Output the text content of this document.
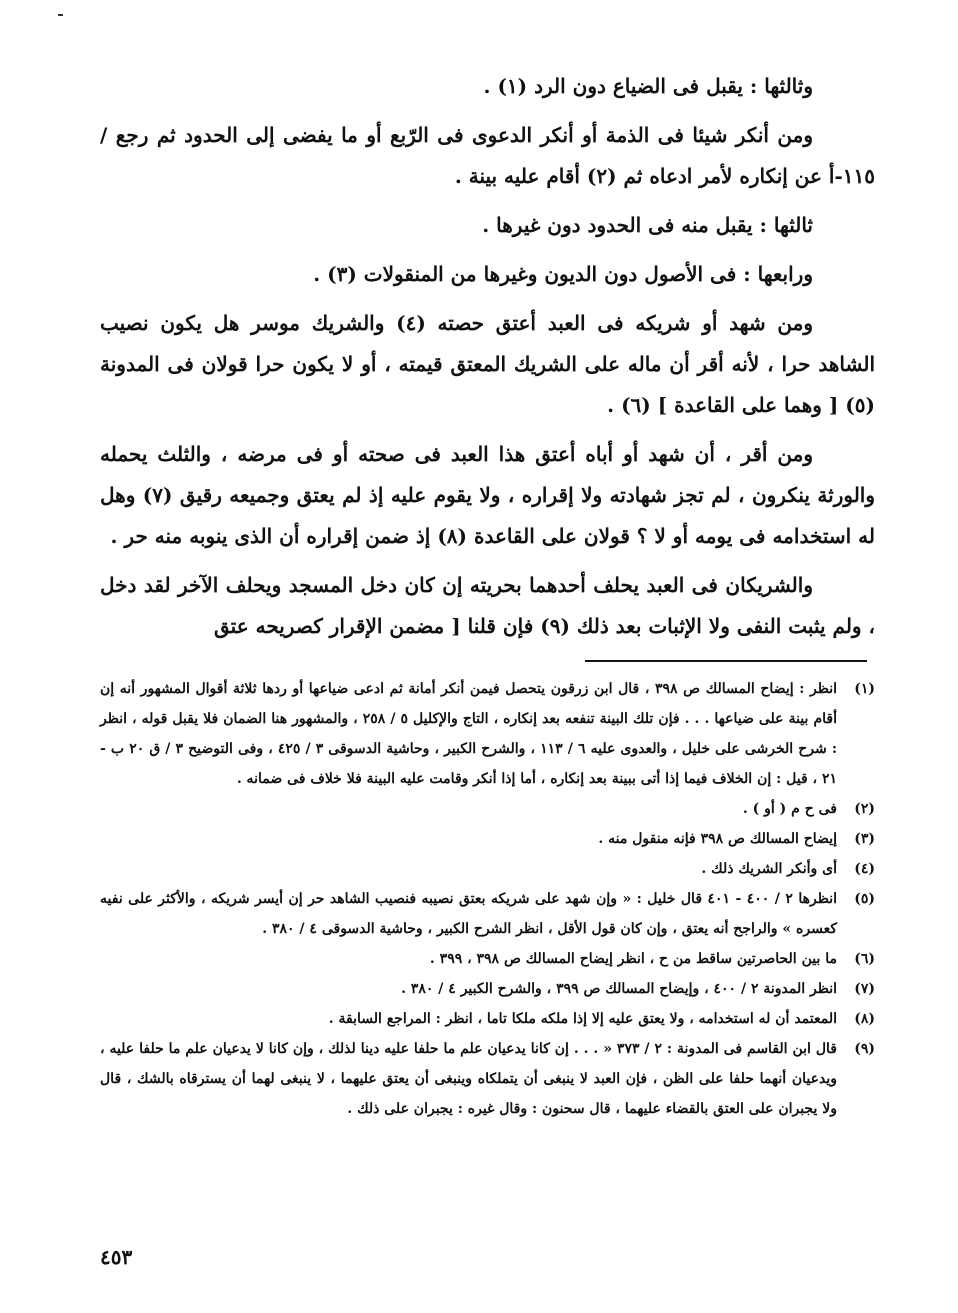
وثالثها : يقبل فى الضياع دون الرد (١) .

ومن أنكر شيئا فى الذمة أو أنكر الدعوى فى الرّبع أو ما يفضى إلى الحدود ثم رجع /١١٥-أ عن إنكاره لأمر ادعاه ثم (٢) أقام عليه بينة .

ثالثها : يقبل منه فى الحدود دون غيرها .

ورابعها : فى الأصول دون الديون وغيرها من المنقولات (٣) .

ومن شهد أو شريكه فى العبد أعتق حصته (٤) والشريك موسر هل يكون نصيب الشاهد حرا ، لأنه أقر أن ماله على الشريك المعتق قيمته ، أو لا يكون حرا قولان فى المدونة (٥) [ وهما على القاعدة ] (٦) .

ومن أقر ، أن شهد أو أباه أعتق هذا العبد فى صحته أو فى مرضه ، والثلث يحمله والورثة ينكرون ، لم تجز شهادته ولا إقراره ، ولا يقوم عليه إذ لم يعتق وجميعه رقيق (٧) وهل له استخدامه فى يومه أو لا ؟ قولان على القاعدة (٨) إذ ضمن إقراره أن الذى ينوبه منه حر .

والشريكان فى العبد يحلف أحدهما بحريته إن كان دخل المسجد ويحلف الآخر لقد دخل ، ولم يثبت النفى ولا الإثبات بعد ذلك (٩) فإن قلنا [ مضمن الإقرار كصريحه عتق

(١)
انظر : إيضاح المسالك ص ٣٩٨ ، قال ابن زرقون يتحصل فيمن أنكر أمانة ثم ادعى ضياعها أو ردها ثلاثة أقوال المشهور أنه إن أقام بينة على ضياعها . . . فإن تلك البينة تنفعه بعد إنكاره ، التاج والإكليل ٥ / ٢٥٨ ، والمشهور هنا الضمان فلا يقبل قوله ، انظر : شرح الخرشى على خليل ، والعدوى عليه ٦ / ١١٣ ، والشرح الكبير ، وحاشية الدسوقى ٣ / ٤٢٥ ، وفى التوضيح ٣ / ق ٢٠ ب - ٢١ ، قيل : إن الخلاف فيما إذا أتى ببينة بعد إنكاره ، أما إذا أنكر وقامت عليه البينة فلا خلاف فى ضمانه .
(٢)
فى ح م ( أو ) .
(٣)
إيضاح المسالك ص ٣٩٨ فإنه منقول منه .
(٤)
أى وأنكر الشريك ذلك .
(٥)
انظرها ٢ / ٤٠٠ - ٤٠١ قال خليل : « وإن شهد على شريكه بعتق نصيبه فنصيب الشاهد حر إن أيسر شريكه ، والأكثر على نفيه كعسره » والراجح أنه يعتق ، وإن كان قول الأقل ، انظر الشرح الكبير ، وحاشية الدسوقى ٤ / ٣٨٠ .
(٦)
ما بين الحاصرتين ساقط من ح ، انظر إيضاح المسالك ص ٣٩٨ ، ٣٩٩ .
(٧)
انظر المدونة ٢ / ٤٠٠ ، وإيضاح المسالك ص ٣٩٩ ، والشرح الكبير ٤ / ٣٨٠ .
(٨)
المعتمد أن له استخدامه ، ولا يعتق عليه إلا إذا ملكه ملكا تاما ، انظر : المراجع السابقة .
(٩)
قال ابن القاسم فى المدونة : ٢ / ٣٧٣ « . . . إن كانا يدعيان علم ما حلفا عليه دينا لذلك ، وإن كانا لا يدعيان علم ما حلفا عليه ، ويدعيان أنهما حلفا على الظن ، فإن العبد لا ينبغى أن يتملكاه وينبغى أن يعتق عليهما ، لا ينبغى لهما أن يسترقاه بالشك ، قال ولا يجبران على العتق بالقضاء عليهما ، قال سحنون : وقال غيره : يجبران على ذلك .
٤٥٣
